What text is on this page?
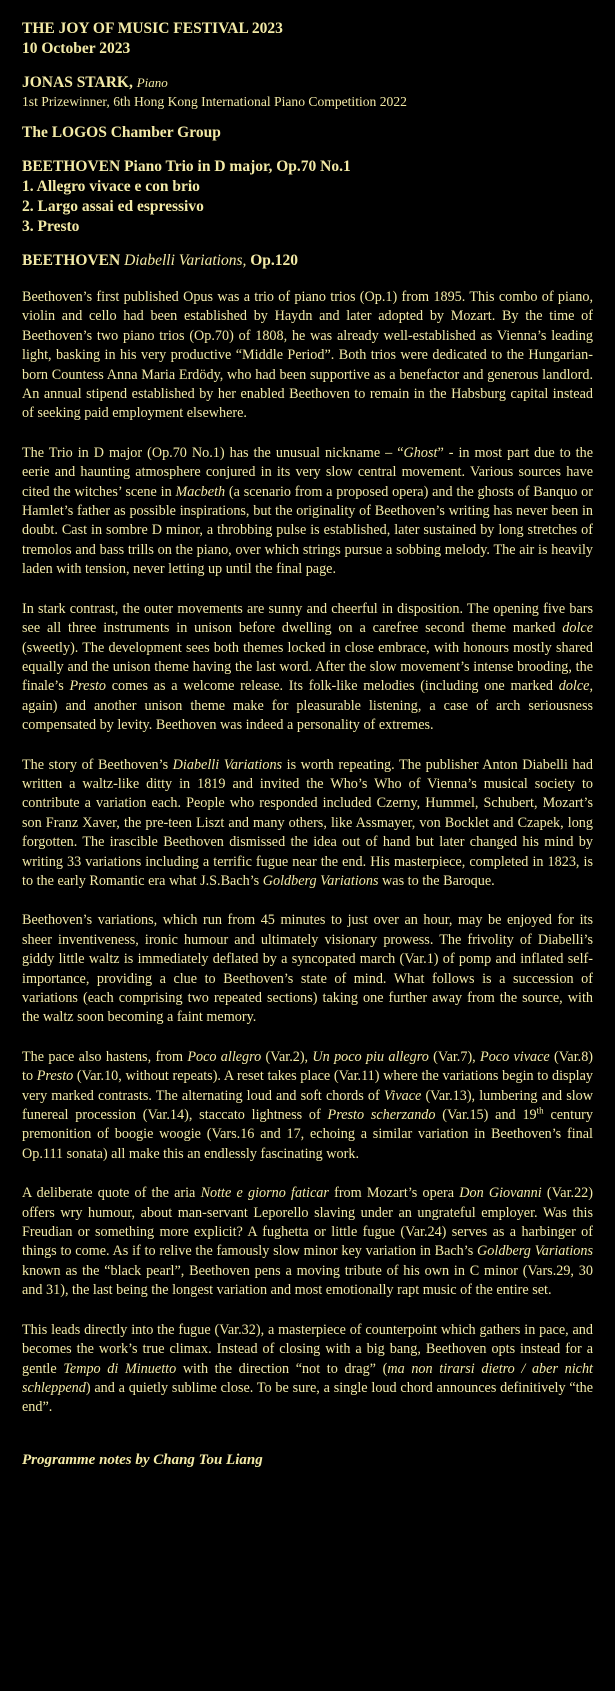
THE JOY OF MUSIC FESTIVAL 2023

10 October 2023

JONAS STARK, Piano

1st Prizewinner, 6th Hong Kong International Piano Competition 2022

The LOGOS Chamber Group

BEETHOVEN Piano Trio in D major, Op.70 No.1

1. Allegro vivace e con brio

2. Largo assai ed espressivo

3. Presto

BEETHOVEN Diabelli Variations, Op.120

Beethoven’s first published Opus was a trio of piano trios (Op.1) from 1895. This combo of piano, violin and cello had been established by Haydn and later adopted by Mozart. By the time of Beethoven’s two piano trios (Op.70) of 1808, he was already well-established as Vienna’s leading light, basking in his very productive “Middle Period”. Both trios were dedicated to the Hungarian-born Countess Anna Maria Erdödy, who had been supportive as a benefactor and generous landlord. An annual stipend established by her enabled Beethoven to remain in the Habsburg capital instead of seeking paid employment elsewhere.

The Trio in D major (Op.70 No.1) has the unusual nickname – “Ghost” - in most part due to the eerie and haunting atmosphere conjured in its very slow central movement. Various sources have cited the witches’ scene in Macbeth (a scenario from a proposed opera) and the ghosts of Banquo or Hamlet’s father as possible inspirations, but the originality of Beethoven’s writing has never been in doubt. Cast in sombre D minor, a throbbing pulse is established, later sustained by long stretches of tremolos and bass trills on the piano, over which strings pursue a sobbing melody. The air is heavily laden with tension, never letting up until the final page.

In stark contrast, the outer movements are sunny and cheerful in disposition. The opening five bars see all three instruments in unison before dwelling on a carefree second theme marked dolce (sweetly). The development sees both themes locked in close embrace, with honours mostly shared equally and the unison theme having the last word. After the slow movement’s intense brooding, the finale’s Presto comes as a welcome release. Its folk-like melodies (including one marked dolce, again) and another unison theme make for pleasurable listening, a case of arch seriousness compensated by levity. Beethoven was indeed a personality of extremes.

The story of Beethoven’s Diabelli Variations is worth repeating. The publisher Anton Diabelli had written a waltz-like ditty in 1819 and invited the Who’s Who of Vienna’s musical society to contribute a variation each. People who responded included Czerny, Hummel, Schubert, Mozart’s son Franz Xaver, the pre-teen Liszt and many others, like Assmayer, von Bocklet and Czapek, long forgotten. The irascible Beethoven dismissed the idea out of hand but later changed his mind by writing 33 variations including a terrific fugue near the end. His masterpiece, completed in 1823, is to the early Romantic era what J.S.Bach’s Goldberg Variations was to the Baroque.

Beethoven’s variations, which run from 45 minutes to just over an hour, may be enjoyed for its sheer inventiveness, ironic humour and ultimately visionary prowess. The frivolity of Diabelli’s giddy little waltz is immediately deflated by a syncopated march (Var.1) of pomp and inflated self-importance, providing a clue to Beethoven’s state of mind. What follows is a succession of variations (each comprising two repeated sections) taking one further away from the source, with the waltz soon becoming a faint memory.

The pace also hastens, from Poco allegro (Var.2), Un poco piu allegro (Var.7), Poco vivace (Var.8) to Presto (Var.10, without repeats). A reset takes place (Var.11) where the variations begin to display very marked contrasts. The alternating loud and soft chords of Vivace (Var.13), lumbering and slow funereal procession (Var.14), staccato lightness of Presto scherzando (Var.15) and 19th century premonition of boogie woogie (Vars.16 and 17, echoing a similar variation in Beethoven’s final Op.111 sonata) all make this an endlessly fascinating work.

A deliberate quote of the aria Notte e giorno faticar from Mozart’s opera Don Giovanni (Var.22) offers wry humour, about man-servant Leporello slaving under an ungrateful employer. Was this Freudian or something more explicit? A fughetta or little fugue (Var.24) serves as a harbinger of things to come. As if to relive the famously slow minor key variation in Bach’s Goldberg Variations known as the “black pearl”, Beethoven pens a moving tribute of his own in C minor (Vars.29, 30 and 31), the last being the longest variation and most emotionally rapt music of the entire set.

This leads directly into the fugue (Var.32), a masterpiece of counterpoint which gathers in pace, and becomes the work’s true climax. Instead of closing with a big bang, Beethoven opts instead for a gentle Tempo di Minuetto with the direction “not to drag” (ma non tirarsi dietro / aber nicht schleppend) and a quietly sublime close. To be sure, a single loud chord announces definitively “the end”.

Programme notes by Chang Tou Liang
